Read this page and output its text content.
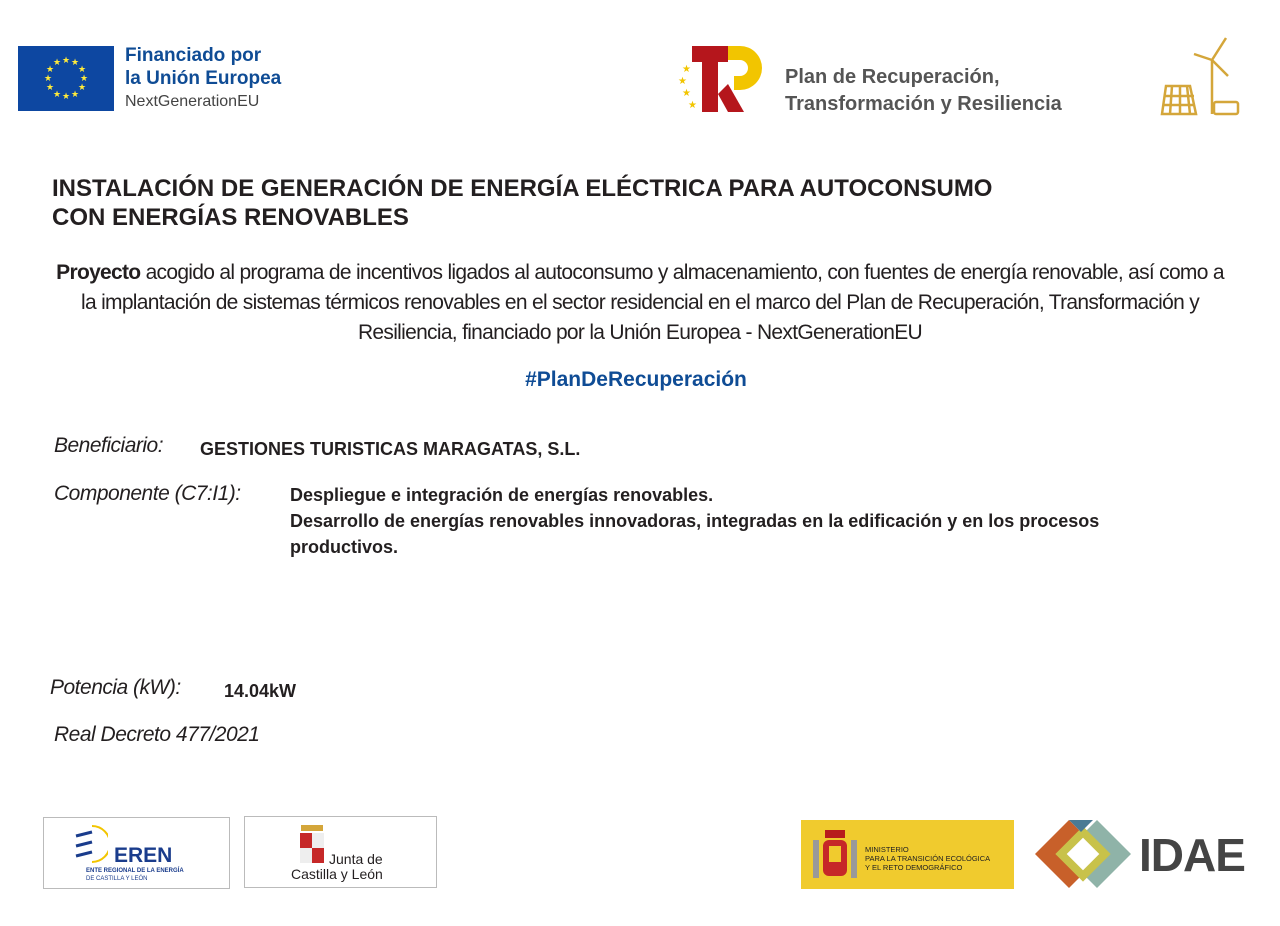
★ ★
★
★
★
★
★
★
★
★
★
★	Financiado por
la Unión Europea
NextGenerationEU
★
★
★
★
Plan de Recuperación,
Transformación y Resiliencia
INSTALACIÓN DE GENERACIÓN DE ENERGÍA ELÉCTRICA PARA AUTOCONSUMO
CON ENERGÍAS RENOVABLES
Proyecto acogido al programa de incentivos ligados al autoconsumo y almacenamiento, con fuentes de energía renovable, así como a la implantación de sistemas térmicos renovables en el sector residencial en el marco del Plan de Recuperación, Transformación y Resiliencia, financiado por la Unión Europea - NextGenerationEU
#PlanDeRecuperación
Beneficiario: GESTIONES TURISTICAS MARAGATAS, S.L.
Componente (C7:I1):	Despliegue e integración de energías renovables.
Desarrollo de energías renovables innovadoras, integradas en la edificación y en los procesos productivos.
Potencia (kW): 14.04kW
Real Decreto 477/2021
EREN
ENTE REGIONAL DE LA ENERGÍA
DE CASTILLA Y LEÓN
Junta de
Castilla y León
MINISTERIO
PARA LA TRANSICIÓN ECOLÓGICA
Y EL RETO DEMOGRÁFICO	IDAE
